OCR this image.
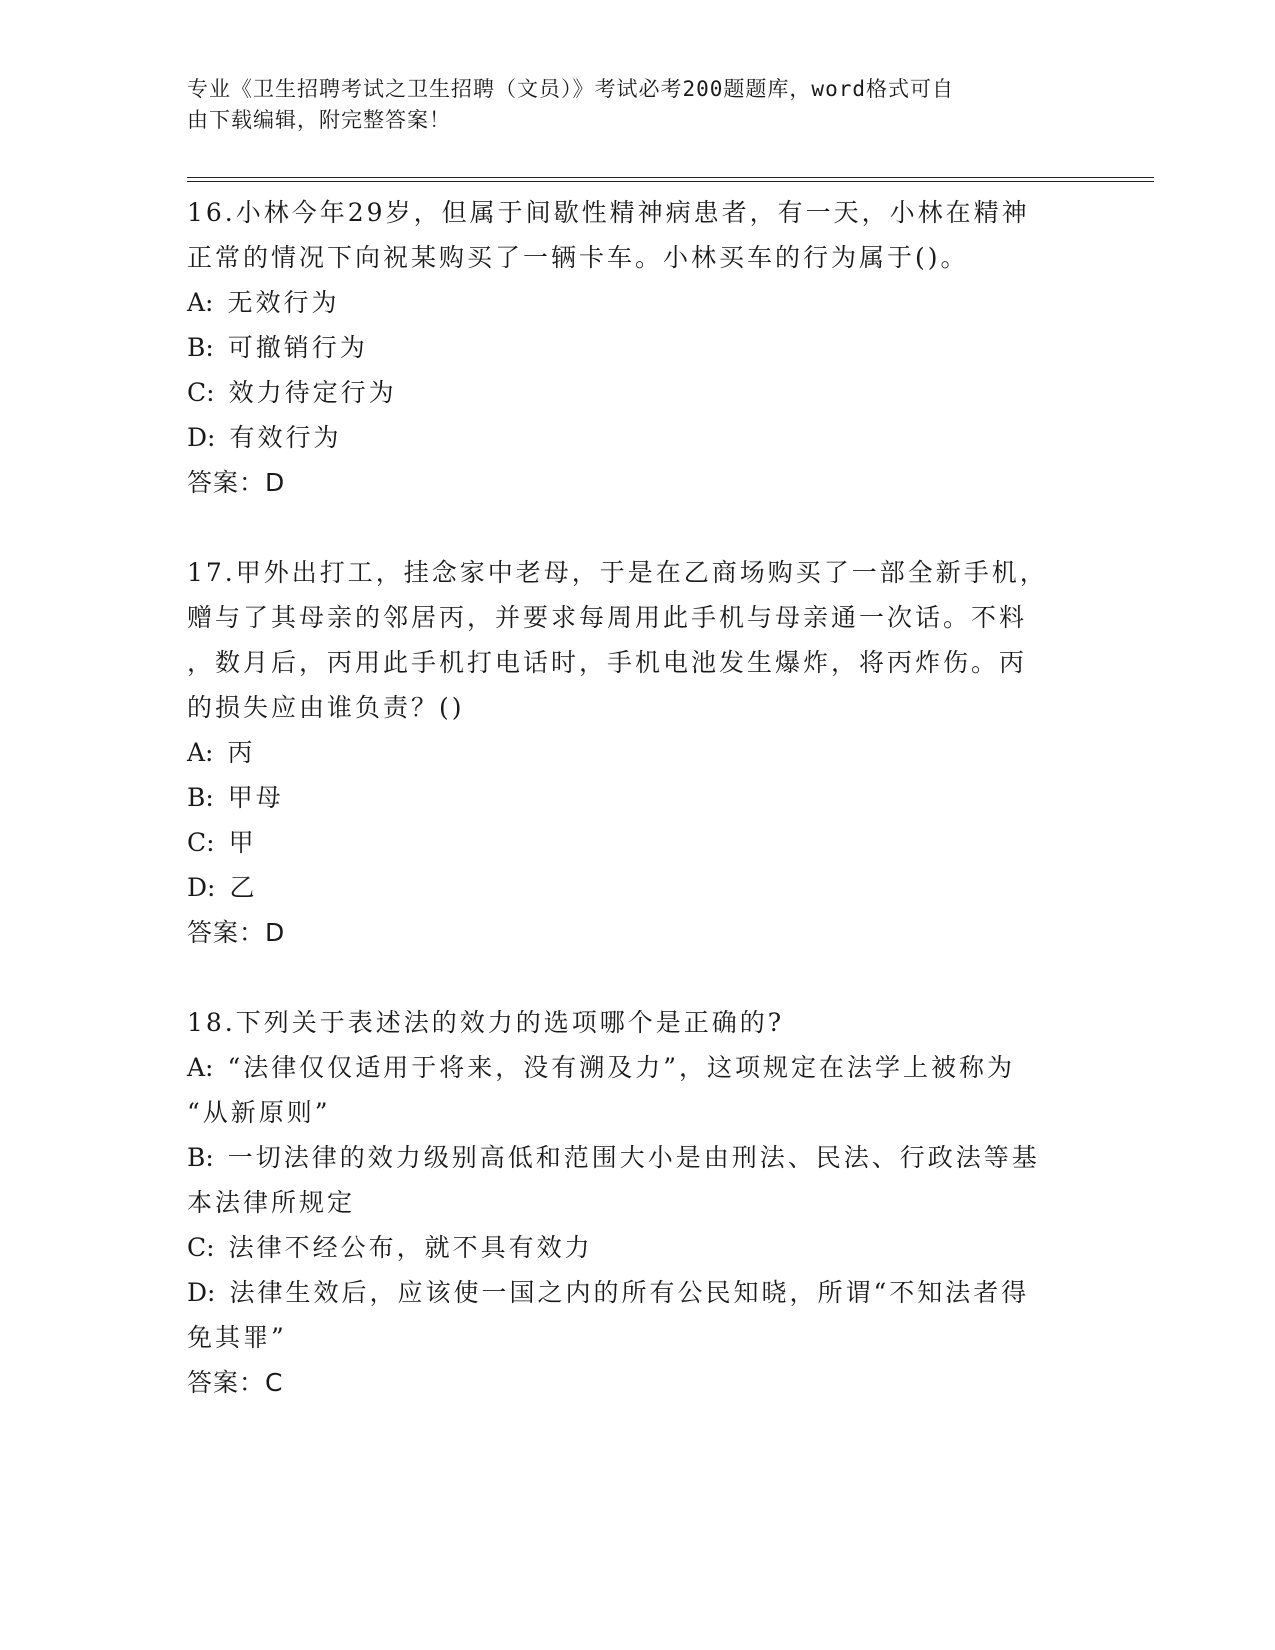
专业《卫生招聘考试之卫生招聘（文员）》考试必考200题题库，word格式可自
由下载编辑，附完整答案！
16.小林今年29岁，但属于间歇性精神病患者，有一天，小林在精神
正常的情况下向祝某购买了一辆卡车。小林买车的行为属于()。
A: 无效行为
B: 可撤销行为
C: 效力待定行为
D: 有效行为
答案：D
17.甲外出打工，挂念家中老母，于是在乙商场购买了一部全新手机，
赠与了其母亲的邻居丙，并要求每周用此手机与母亲通一次话。不料
，数月后，丙用此手机打电话时，手机电池发生爆炸，将丙炸伤。丙
的损失应由谁负责？()
A: 丙
B: 甲母
C: 甲
D: 乙
答案：D
18.下列关于表述法的效力的选项哪个是正确的?
A: “法律仅仅适用于将来，没有溯及力”，这项规定在法学上被称为
“从新原则”
B: 一切法律的效力级别高低和范围大小是由刑法、民法、行政法等基
本法律所规定
C: 法律不经公布，就不具有效力
D: 法律生效后，应该使一国之内的所有公民知晓，所谓“不知法者得
免其罪”
答案：C
